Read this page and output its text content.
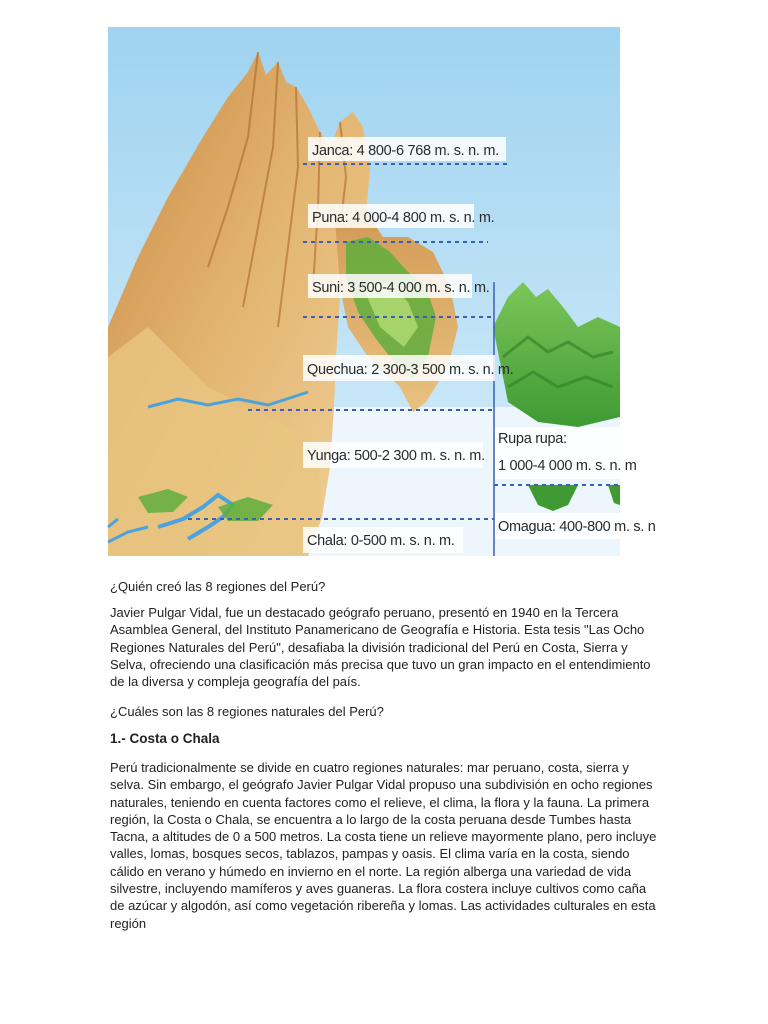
Janca: 4 800-6 768 m. s. n. m.
Puna: 4 000-4 800 m. s. n. m.
Suni: 3 500-4 000 m. s. n. m.
Quechua: 2 300-3 500 m. s. n. m.
Yunga: 500-2 300 m. s. n. m.
Chala: 0-500 m. s. n. m.
Rupa rupa:
1 000-4 000 m. s. n. m
Omagua: 400-800 m. s. n

¿Quién creó las 8 regiones del Perú?

Javier Pulgar Vidal, fue un destacado geógrafo peruano, presentó en 1940 en la Tercera Asamblea General, del Instituto Panamericano de Geografía e Historia. Esta tesis "Las Ocho Regiones Naturales del Perú", desafiaba la división tradicional del Perú en Costa, Sierra y Selva, ofreciendo una clasificación más precisa que tuvo un gran impacto en el entendimiento de la diversa y compleja geografía del país.

¿Cuáles son las 8 regiones naturales del Perú?

1.- Costa o Chala

Perú tradicionalmente se divide en cuatro regiones naturales: mar peruano, costa, sierra y selva. Sin embargo, el geógrafo Javier Pulgar Vidal propuso una subdivisión en ocho regiones naturales, teniendo en cuenta factores como el relieve, el clima, la flora y la fauna. La primera región, la Costa o Chala, se encuentra a lo largo de la costa peruana desde Tumbes hasta Tacna, a altitudes de 0 a 500 metros. La costa tiene un relieve mayormente plano, pero incluye valles, lomas, bosques secos, tablazos, pampas y oasis. El clima varía en la costa, siendo cálido en verano y húmedo en invierno en el norte. La región alberga una variedad de vida silvestre, incluyendo mamíferos y aves guaneras. La flora costera incluye cultivos como caña de azúcar y algodón, así como vegetación ribereña y lomas. Las actividades culturales en esta región
